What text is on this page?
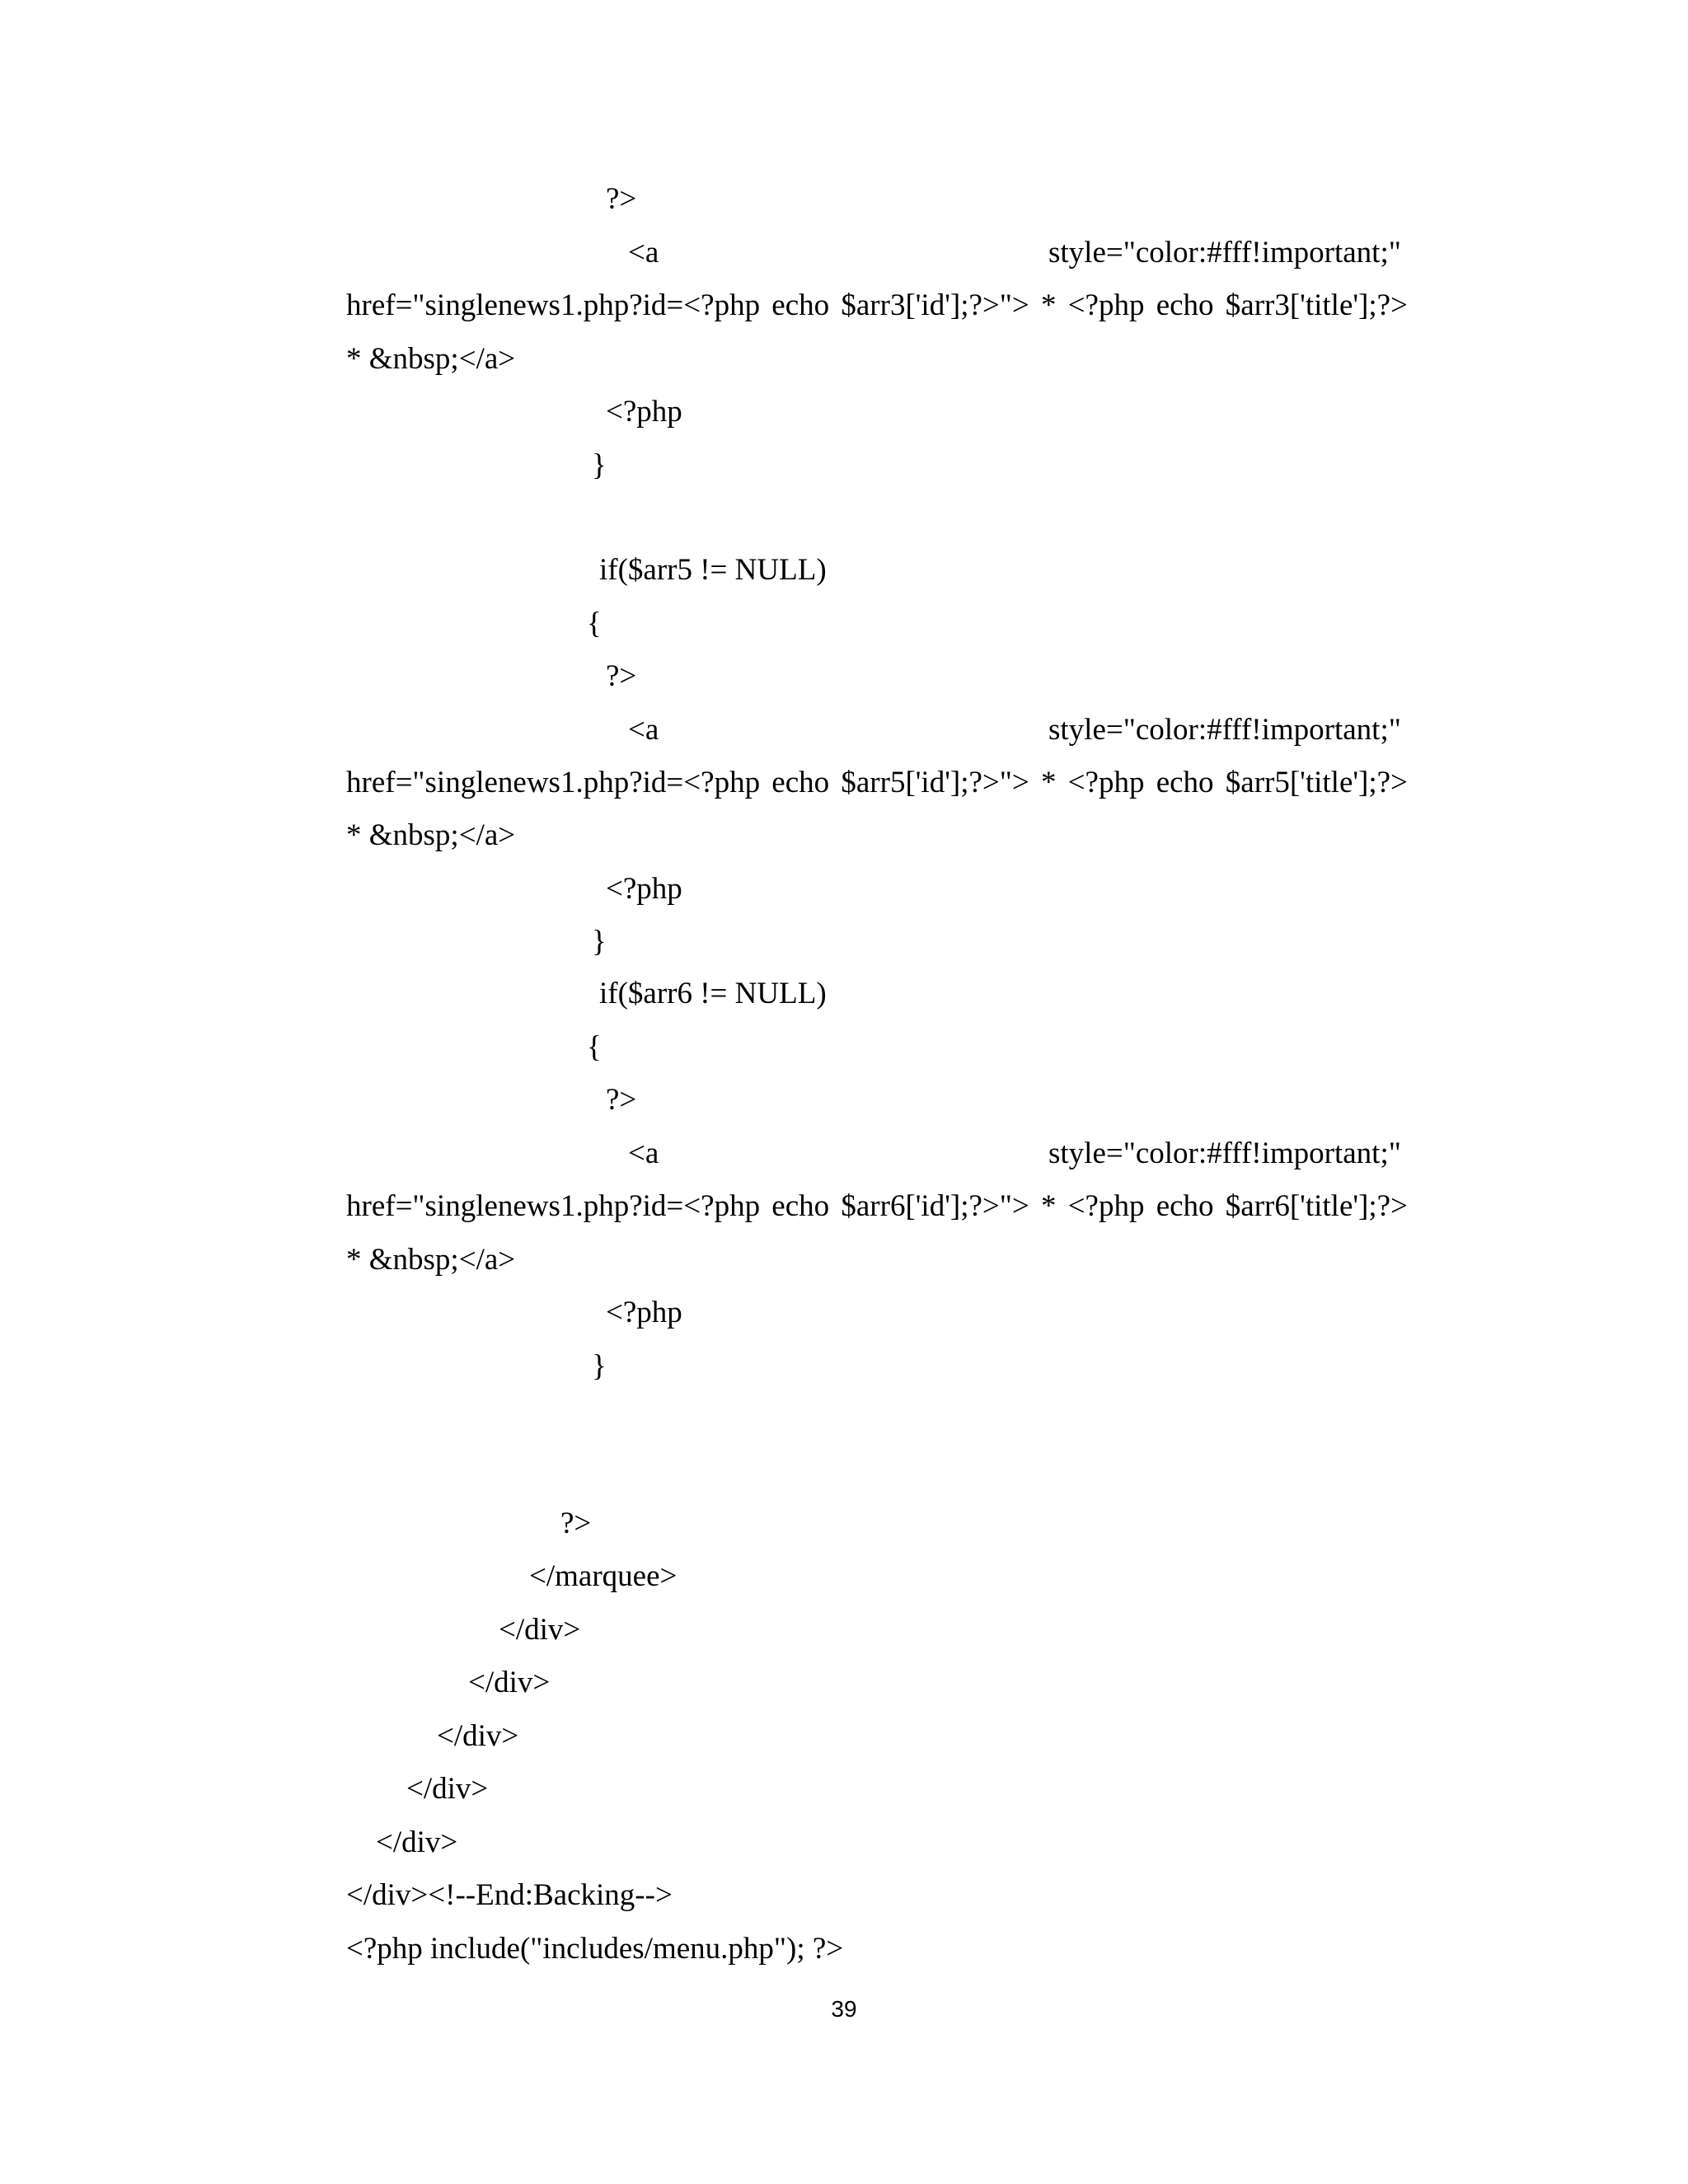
?>
<a	style="color:#fff!important;"
href="singlenews1.php?id=<?php echo $arr3['id'];?>"> * <?php echo $arr3['title'];?>
* &nbsp;</a>
<?php
}
if($arr5 != NULL)
{
?>
<a	style="color:#fff!important;"
href="singlenews1.php?id=<?php echo $arr5['id'];?>"> * <?php echo $arr5['title'];?>
* &nbsp;</a>
<?php
}
if($arr6 != NULL)
{
?>
<a	style="color:#fff!important;"
href="singlenews1.php?id=<?php echo $arr6['id'];?>"> * <?php echo $arr6['title'];?>
* &nbsp;</a>
<?php
}
?>
</marquee>
</div>
</div>
</div>
</div>
</div>
</div><!--End:Backing-->
<?php include("includes/menu.php"); ?>
39
